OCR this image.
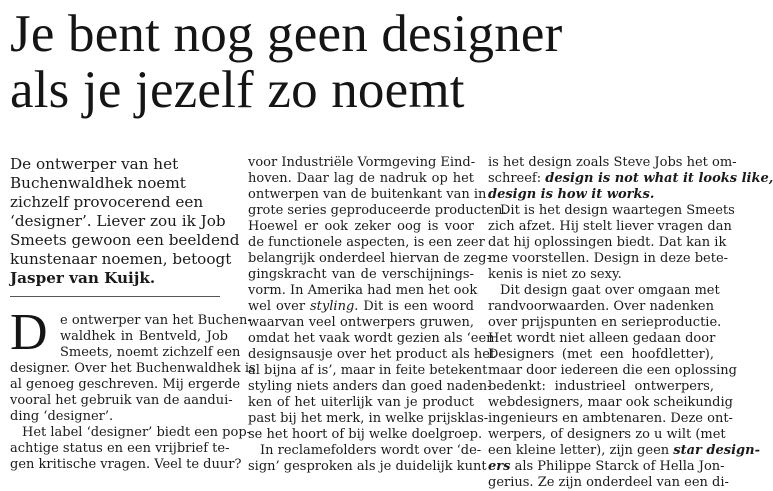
Je bent nog geen designer
als je jezelf zo noemt
De ontwerper van het
Buchenwaldhek noemt
zichzelf provocerend een
‘designer’. Liever zou ik Job
Smeets gewoon een beeldend
kunstenaar noemen, betoogt
Jasper van Kuijk.
D e ontwerper van het Buchen-
waldhek in Bentveld, Job
Smeets, noemt zichzelf een
designer. Over het Buchenwaldhek is
al genoeg geschreven. Mij ergerde
vooral het gebruik van de aandui-
ding ‘designer’.
Het label ‘designer’ biedt een pop-
achtige status en een vrijbrief te-
gen kritische vragen. Veel te duur?
voor Industriële Vormgeving Eind-
hoven. Daar lag de nadruk op het
ontwerpen van de buitenkant van in
grote series geproduceerde producten.
Hoewel er ook zeker oog is voor
de functionele aspecten, is een zeer
belangrijk onderdeel hiervan de zeg-
gingskracht van de verschijnings-
vorm. In Amerika had men het ook
wel over styling. Dit is een woord
waarvan veel ontwerpers gruwen,
omdat het vaak wordt gezien als ‘een
designsausje over het product als het
al bijna af is’, maar in feite betekent
styling niets anders dan goed naden-
ken of het uiterlijk van je product
past bij het merk, in welke prijsklas-
se het hoort of bij welke doelgroep.
In reclamefolders wordt over ‘de-
sign’ gesproken als je duidelijk kunt
is het design zoals Steve Jobs het om-
schreef: design is not what it looks like,
design is how it works.
Dit is het design waartegen Smeets
zich afzet. Hij stelt liever vragen dan
dat hij oplossingen biedt. Dat kan ik
me voorstellen. Design in deze bete-
kenis is niet zo sexy.
Dit design gaat over omgaan met
randvoorwaarden. Over nadenken
over prijspunten en serieproductie.
Het wordt niet alleen gedaan door
Designers (met een hoofdletter),
maar door iedereen die een oplossing
bedenkt: industrieel ontwerpers,
webdesigners, maar ook scheikundig
ingenieurs en ambtenaren. Deze ont-
werpers, of designers zo u wilt (met
een kleine letter), zijn geen star design-
ers als Philippe Starck of Hella Jon-
gerius. Ze zijn onderdeel van een di-
